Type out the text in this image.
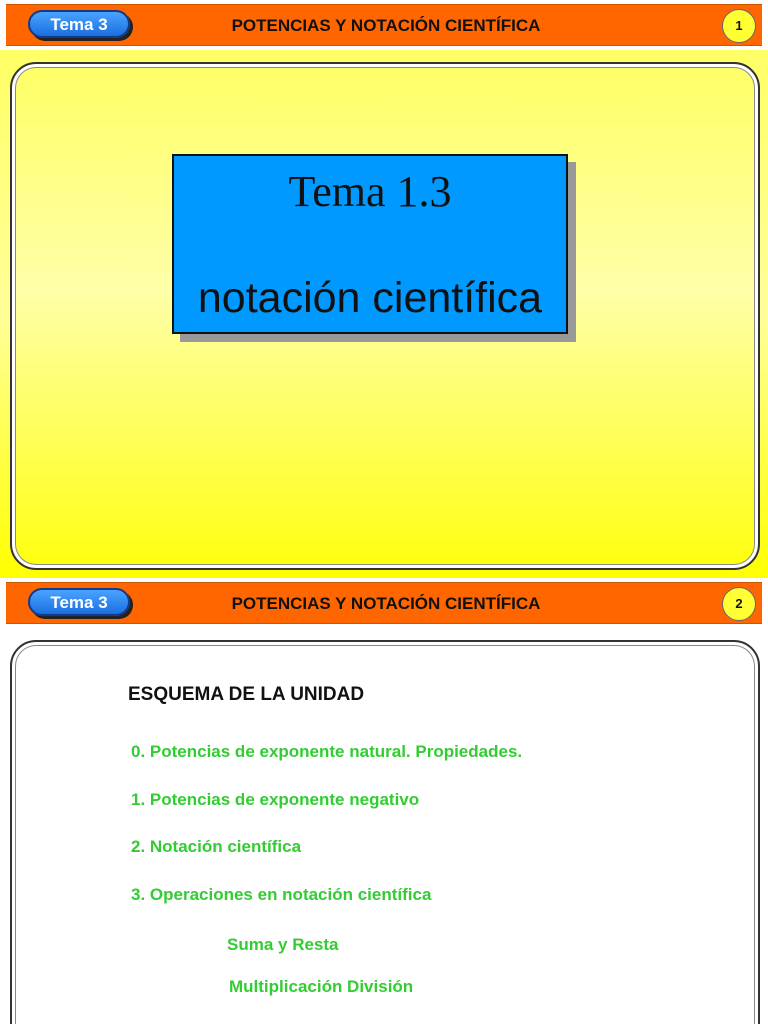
Tema 3	POTENCIAS Y NOTACIÓN CIENTÍFICA	1
Tema 1.3
notación científica
Tema 3	POTENCIAS Y NOTACIÓN CIENTÍFICA	2
ESQUEMA DE LA UNIDAD
0. Potencias de exponente natural. Propiedades.
1. Potencias de exponente negativo
2. Notación científica
3. Operaciones en notación científica
Suma y Resta
Multiplicación División
